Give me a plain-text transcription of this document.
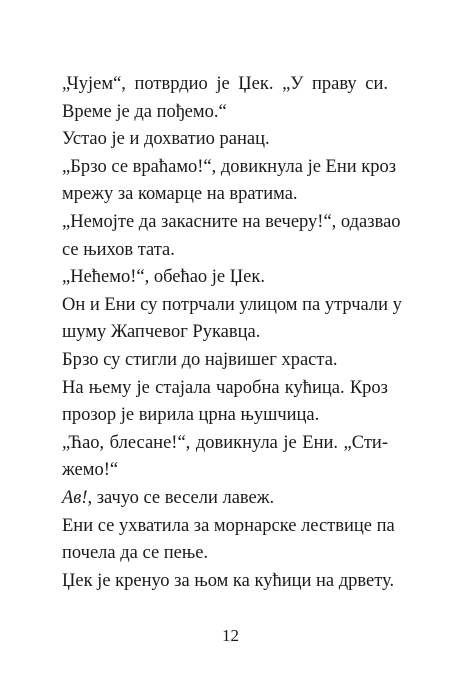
„Чујем“, потврдио је Џек. „У праву си.
Време је да пођемо.“

Устао је и дохватио ранац.

„Брзо се враћамо!“, довикнула је Ени кроз
мрежу за комарце на вратима.

„Немојте да закасните на вечеру!“, одазвао
се њихов тата.

„Нећемо!“, обећао је Џек.

Он и Ени су потрчали улицом па утрчали у
шуму Жапчевог Рукавца.

Брзо су стигли до највишег храста.

На њему је стајала чаробна кућица. Кроз
прозор је вирила црна њушчица.

„Ћао, блесане!“, довикнула је Ени. „Сти-
жемо!“

Ав!, зачуо се весели лавеж.

Ени се ухватила за морнарске лествице па
почела да се пење.

Џек је кренуо за њом ка кућици на дрвету.

12
